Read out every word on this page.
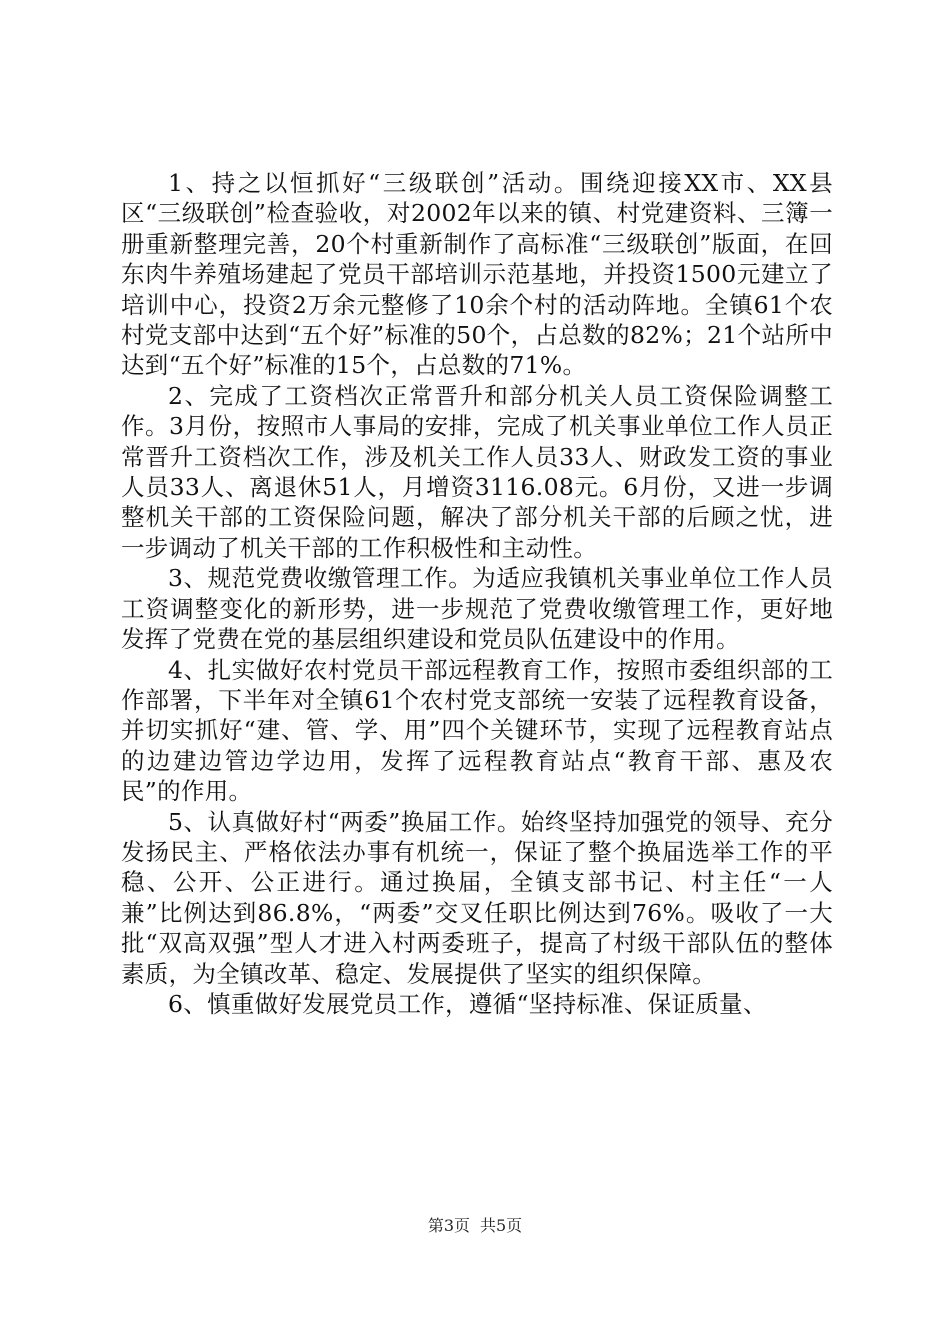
1、持之以恒抓好“三级联创”活动。围绕迎接XX市、XX县区“三级联创”检查验收，对2002年以来的镇、村党建资料、三簿一册重新整理完善，20个村重新制作了高标准“三级联创”版面，在回东肉牛养殖场建起了党员干部培训示范基地，并投资1500元建立了培训中心，投资2万余元整修了10余个村的活动阵地。全镇61个农村党支部中达到“五个好”标准的50个，占总数的82%；21个站所中达到“五个好”标准的15个，占总数的71%。

2、完成了工资档次正常晋升和部分机关人员工资保险调整工作。3月份，按照市人事局的安排，完成了机关事业单位工作人员正常晋升工资档次工作，涉及机关工作人员33人、财政发工资的事业人员33人、离退休51人，月增资3116.08元。6月份，又进一步调整机关干部的工资保险问题，解决了部分机关干部的后顾之忧，进一步调动了机关干部的工作积极性和主动性。

3、规范党费收缴管理工作。为适应我镇机关事业单位工作人员工资调整变化的新形势，进一步规范了党费收缴管理工作，更好地发挥了党费在党的基层组织建设和党员队伍建设中的作用。

4、扎实做好农村党员干部远程教育工作，按照市委组织部的工作部署，下半年对全镇61个农村党支部统一安装了远程教育设备，并切实抓好“建、管、学、用”四个关键环节，实现了远程教育站点的边建边管边学边用，发挥了远程教育站点“教育干部、惠及农民”的作用。

5、认真做好村“两委”换届工作。始终坚持加强党的领导、充分发扬民主、严格依法办事有机统一，保证了整个换届选举工作的平稳、公开、公正进行。通过换届，全镇支部书记、村主任“一人兼”比例达到86.8%，“两委”交叉任职比例达到76%。吸收了一大批“双高双强”型人才进入村两委班子，提高了村级干部队伍的整体素质，为全镇改革、稳定、发展提供了坚实的组织保障。

6、慎重做好发展党员工作，遵循“坚持标准、保证质量、

第3页 共5页
